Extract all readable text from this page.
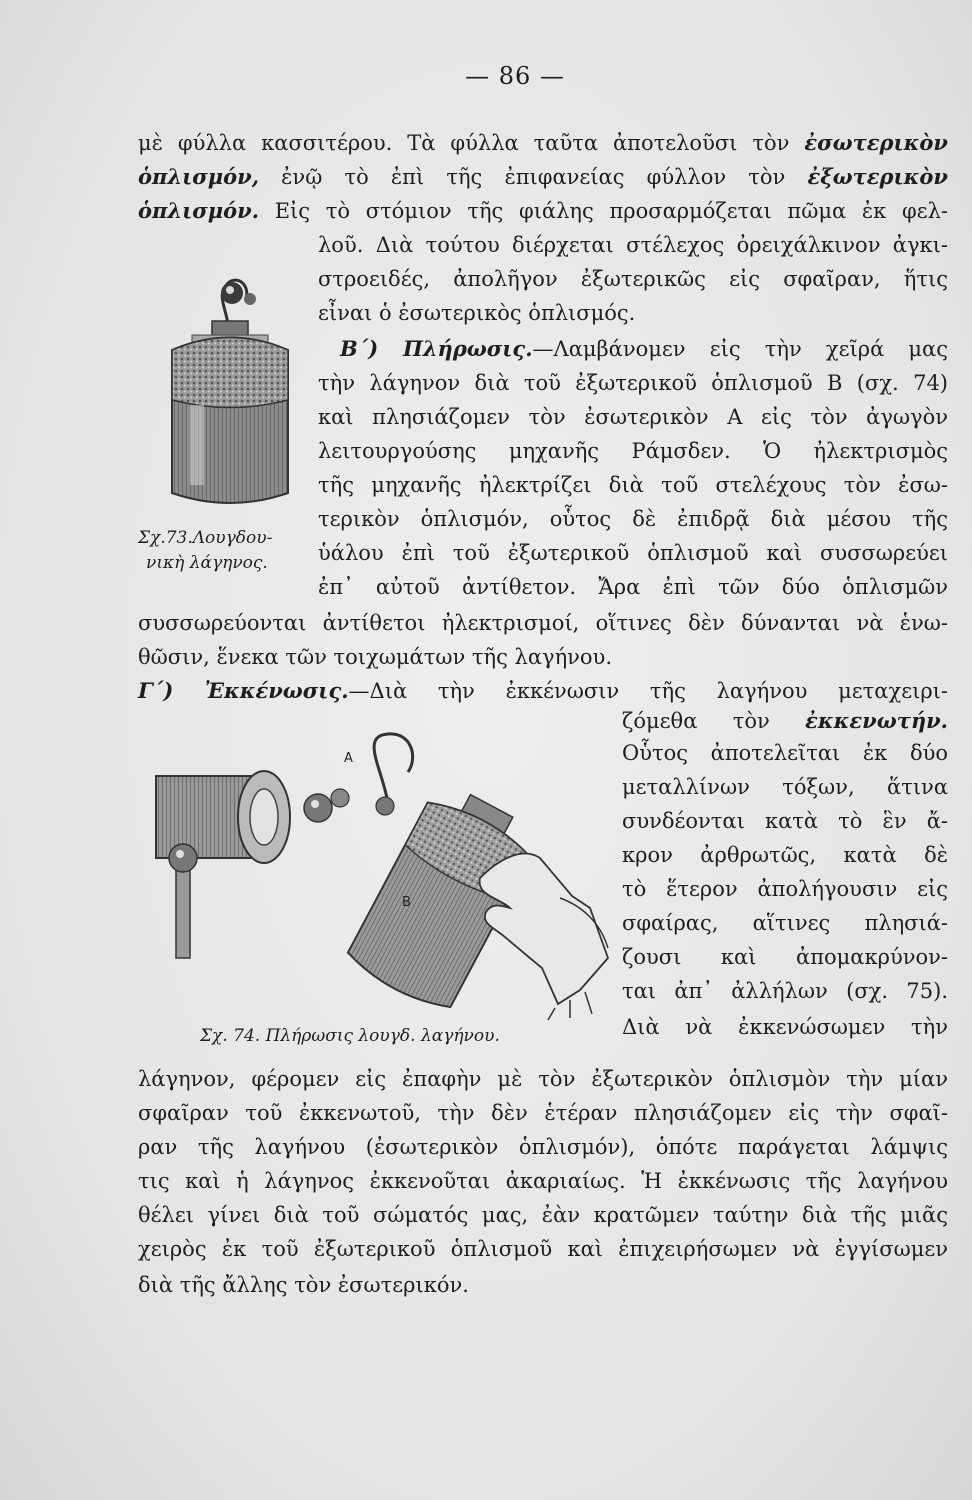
— 86 —
μὲ φύλλα κασσιτέρου. Τὰ φύλλα ταῦτα ἀποτελοῦσι τὸν ἐσωτερικὸν
ὁπλισμόν, ἐνῷ τὸ ἐπὶ τῆς ἐπιφανείας φύλλον τὸν ἐξωτερικὸν
ὁπλισμόν. Εἰς τὸ στόμιον τῆς φιάλης προσαρμόζεται πῶμα ἐκ φελ-
λοῦ. Διὰ τούτου διέρχεται στέλεχος ὀρειχάλκινον ἀγκι-
στροειδές, ἀπολῆγον ἐξωτερικῶς εἰς σφαῖραν, ἥτις
εἶναι ὁ ἐσωτερικὸς ὁπλισμός.
Β΄) Πλήρωσις.—Λαμβάνομεν εἰς τὴν χεῖρά μας
τὴν λάγηνον διὰ τοῦ ἐξωτερικοῦ ὁπλισμοῦ Β (σχ. 74)
καὶ πλησιάζομεν τὸν ἐσωτερικὸν Α εἰς τὸν ἀγωγὸν
λειτουργούσης μηχανῆς Ράμσδεν. Ὁ ἠλεκτρισμὸς
τῆς μηχανῆς ἠλεκτρίζει διὰ τοῦ στελέχους τὸν ἐσω-
τερικὸν ὁπλισμόν, οὗτος δὲ ἐπιδρᾷ διὰ μέσου τῆς
ὑάλου ἐπὶ τοῦ ἐξωτερικοῦ ὁπλισμοῦ καὶ συσσωρεύει
ἐπ᾽ αὐτοῦ ἀντίθετον. Ἄρα ἐπὶ τῶν δύο ὁπλισμῶν
συσσωρεύονται ἀντίθετοι ἠλεκτρισμοί, οἵτινες δὲν δύνανται νὰ ἑνω-
θῶσιν, ἕνεκα τῶν τοιχωμάτων τῆς λαγήνου.
Γ΄) Ἐκκένωσις.—Διὰ τὴν ἐκκένωσιν τῆς λαγήνου μεταχειρι-
ζόμεθα τὸν ἐκκενωτήν.
Οὗτος ἀποτελεῖται ἐκ δύο
μεταλλίνων τόξων, ἅτινα
συνδέονται κατὰ τὸ ἓν ἄ-
κρον ἀρθρωτῶς, κατὰ δὲ
τὸ ἕτερον ἀπολήγουσιν εἰς
σφαίρας, αἵτινες πλησιά-
ζουσι καὶ ἀπομακρύνον-
ται ἀπ᾽ ἀλλήλων (σχ. 75).
Διὰ νὰ ἐκκενώσωμεν τὴν
λάγηνον, φέρομεν εἰς ἐπαφὴν μὲ τὸν ἐξωτερικὸν ὁπλισμὸν τὴν μίαν
σφαῖραν τοῦ ἐκκενωτοῦ, τὴν δὲν ἑτέραν πλησιάζομεν εἰς τὴν σφαῖ-
ραν τῆς λαγήνου (ἐσωτερικὸν ὁπλισμόν), ὁπότε παράγεται λάμψις
τις καὶ ἡ λάγηνος ἐκκενοῦται ἀκαριαίως. Ἡ ἐκκένωσις τῆς λαγήνου
θέλει γίνει διὰ τοῦ σώματός μας, ἐὰν κρατῶμεν ταύτην διὰ τῆς μιᾶς
χειρὸς ἐκ τοῦ ἐξωτερικοῦ ὁπλισμοῦ καὶ ἐπιχειρήσωμεν νὰ ἐγγίσωμεν
διὰ τῆς ἄλλης τὸν ἐσωτερικόν.
Σχ.73.Λουγδου-
νικὴ λάγηνος.
Α
Β
Σχ. 74. Πλήρωσις λουγδ. λαγήνου.
